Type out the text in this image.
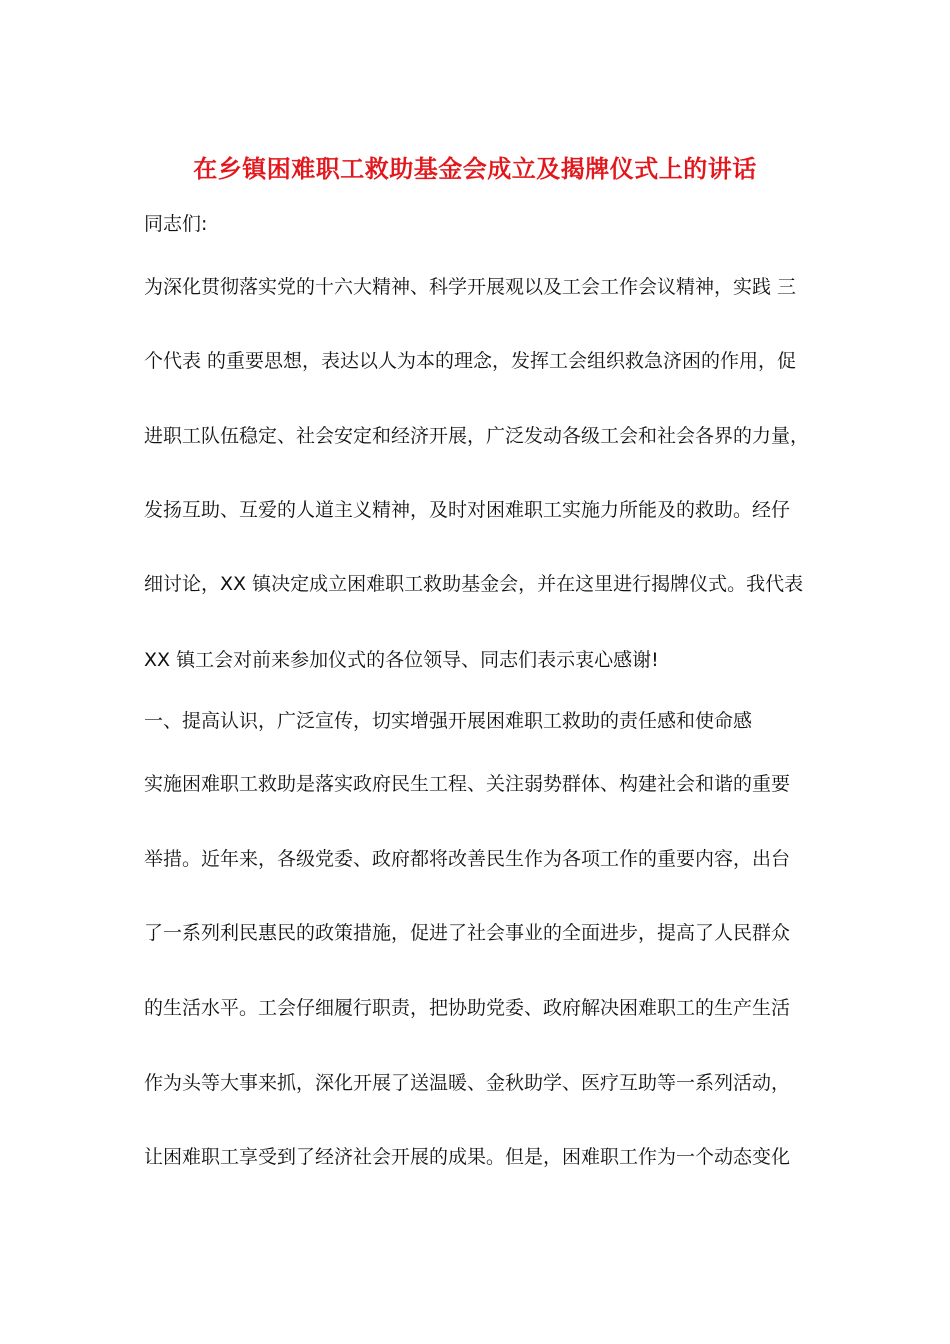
在乡镇困难职工救助基金会成立及揭牌仪式上的讲话
同志们:
为深化贯彻落实党的十六大精神、科学开展观以及工会工作会议精神，实践 三
个代表 的重要思想，表达以人为本的理念，发挥工会组织救急济困的作用，促
进职工队伍稳定、社会安定和经济开展，广泛发动各级工会和社会各界的力量，
发扬互助、互爱的人道主义精神，及时对困难职工实施力所能及的救助。经仔
细讨论，XX 镇决定成立困难职工救助基金会，并在这里进行揭牌仪式。我代表
XX 镇工会对前来参加仪式的各位领导、同志们表示衷心感谢!
一、提高认识，广泛宣传，切实增强开展困难职工救助的责任感和使命感
实施困难职工救助是落实政府民生工程、关注弱势群体、构建社会和谐的重要
举措。近年来，各级党委、政府都将改善民生作为各项工作的重要内容，出台
了一系列利民惠民的政策措施，促进了社会事业的全面进步，提高了人民群众
的生活水平。工会仔细履行职责，把协助党委、政府解决困难职工的生产生活
作为头等大事来抓，深化开展了送温暖、金秋助学、医疗互助等一系列活动，
让困难职工享受到了经济社会开展的成果。但是，困难职工作为一个动态变化
